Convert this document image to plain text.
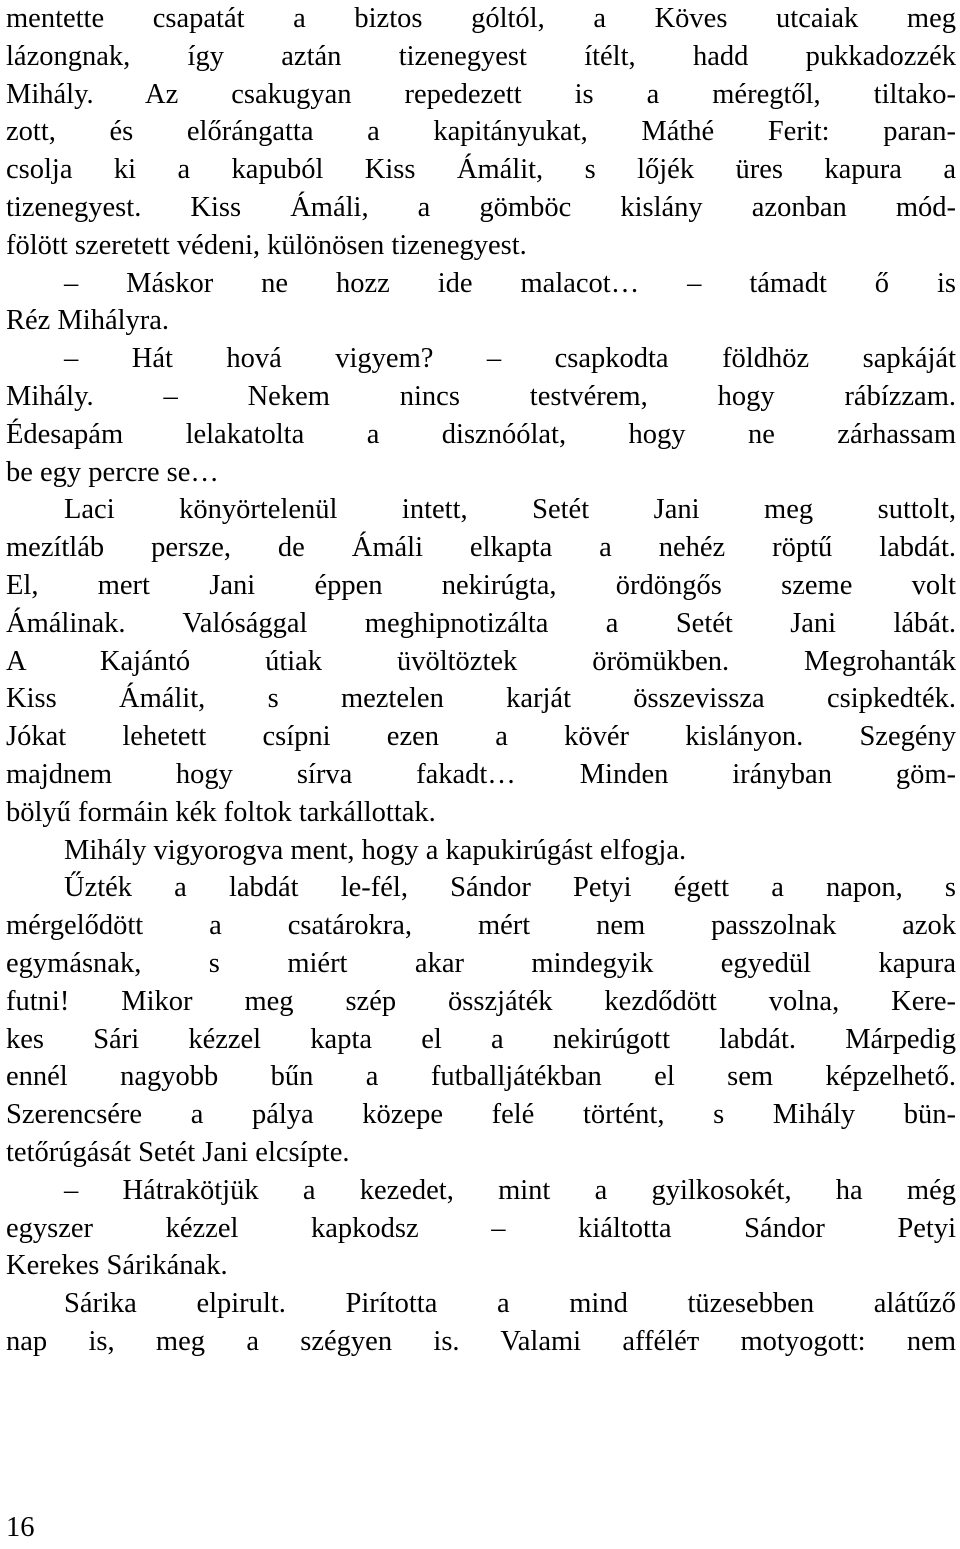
mentette csapatát a biztos góltól, a Köves utcaiak meg
lázongnak, így aztán tizenegyest ítélt, hadd pukkadozzék
Mihály. Az csakugyan repedezett is a méregtől, tiltako-
zott, és előrángatta a kapitányukat, Máthé Ferit: paran-
csolja ki a kapuból Kiss Ámálit, s lőjék üres kapura a
tizenegyest. Kiss Ámáli, a gömböc kislány azonban mód-
fölött szeretett védeni, különösen tizenegyest.
– Máskor ne hozz ide malacot… – támadt ő is
Réz Mihályra.
– Hát hová vigyem? – csapkodta földhöz sapkáját
Mihály. – Nekem nincs testvérem, hogy rábízzam.
Édesapám lelakatolta a disznóólat, hogy ne zárhassam
be egy percre se…
Laci könyörtelenül intett, Setét Jani meg suttolt,
mezítláb persze, de Ámáli elkapta a nehéz röptű labdát.
El, mert Jani éppen nekirúgta, ördöngős szeme volt
Ámálinak. Valósággal meghipnotizálta a Setét Jani lábát.
A Kajántó útiak üvöltöztek örömükben. Megrohanták
Kiss Ámálit, s meztelen karját összevissza csipkedték.
Jókat lehetett csípni ezen a kövér kislányon. Szegény
majdnem hogy sírva fakadt… Minden irányban göm-
bölyű formáin kék foltok tarkállottak.
Mihály vigyorogva ment, hogy a kapukirúgást elfogja.
Űzték a labdát le-fél, Sándor Petyi égett a napon, s
mérgelődött a csatárokra, mért nem passzolnak azok
egymásnak, s miért akar mindegyik egyedül kapura
futni! Mikor meg szép összjáték kezdődött volna, Kere-
kes Sári kézzel kapta el a nekirúgott labdát. Márpedig
ennél nagyobb bűn a futballjátékban el sem képzelhető.
Szerencsére a pálya közepe felé történt, s Mihály bün-
tetőrúgását Setét Jani elcsípte.
– Hátrakötjük a kezedet, mint a gyilkosokét, ha még
egyszer kézzel kapkodsz – kiáltotta Sándor Petyi
Kerekes Sárikának.
Sárika elpirult. Pirította a mind tüzesebben alátűző
nap is, meg a szégyen is. Valami afféléт motyogott: nem
16
